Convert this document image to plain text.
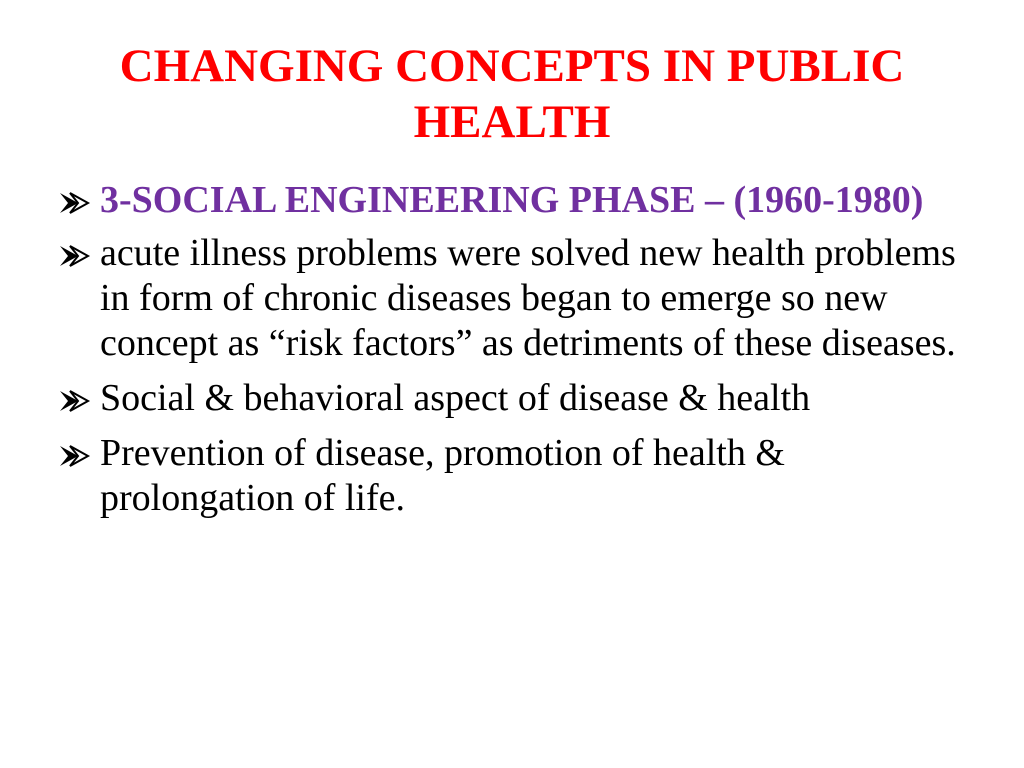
CHANGING CONCEPTS IN PUBLIC HEALTH
3-SOCIAL ENGINEERING PHASE – (1960-1980)
acute illness problems were solved new health problems in form of chronic diseases began to emerge so new concept as “risk factors” as detriments of these diseases.
Social & behavioral aspect of disease & health
Prevention of disease, promotion of health & prolongation of life.
